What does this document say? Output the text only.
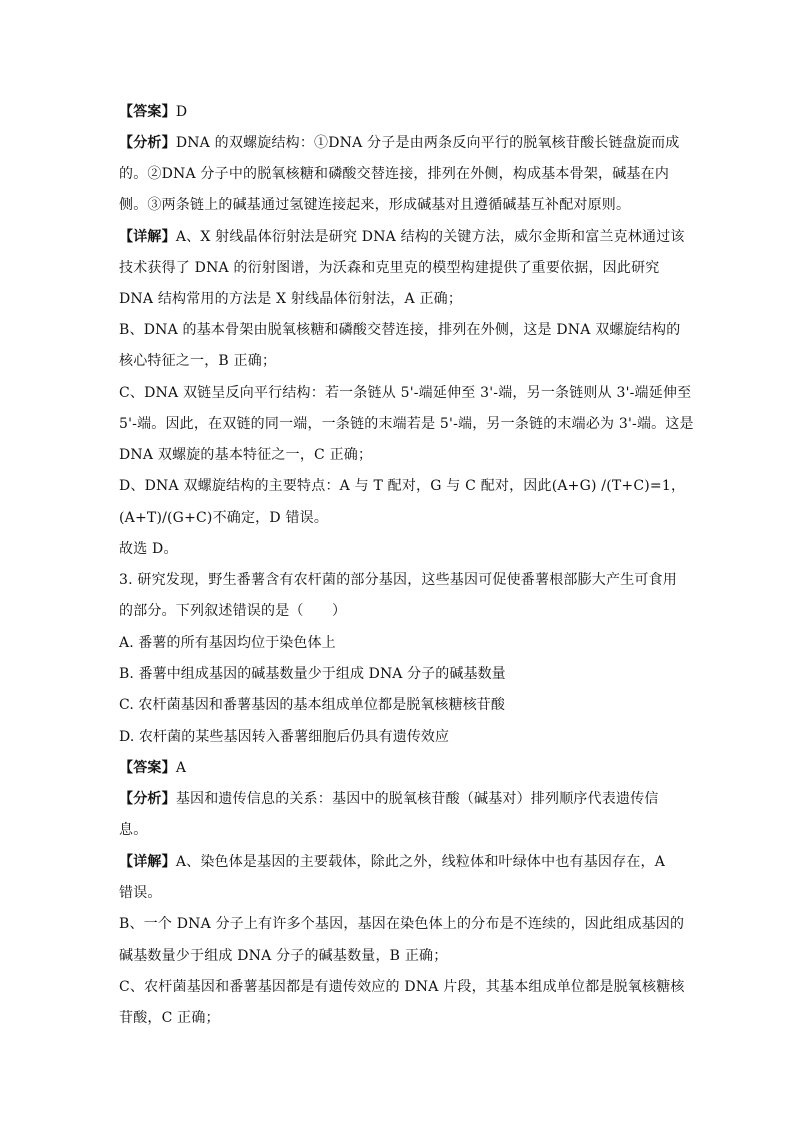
【答案】D
【分析】DNA 的双螺旋结构：①DNA 分子是由两条反向平行的脱氧核苷酸长链盘旋而成
的。②DNA 分子中的脱氧核糖和磷酸交替连接，排列在外侧，构成基本骨架，碱基在内
侧。③两条链上的碱基通过氢键连接起来，形成碱基对且遵循碱基互补配对原则。
【详解】A、X 射线晶体衍射法是研究 DNA 结构的关键方法，威尔金斯和富兰克林通过该
技术获得了 DNA 的衍射图谱，为沃森和克里克的模型构建提供了重要依据，因此研究
DNA 结构常用的方法是 X 射线晶体衍射法，A 正确；
B、DNA 的基本骨架由脱氧核糖和磷酸交替连接，排列在外侧，这是 DNA 双螺旋结构的
核心特征之一，B 正确；
C、DNA 双链呈反向平行结构：若一条链从 5'-端延伸至 3'-端，另一条链则从 3'-端延伸至
5'-端。因此，在双链的同一端，一条链的末端若是 5'-端，另一条链的末端必为 3'-端。这是
DNA 双螺旋的基本特征之一，C 正确；
D、DNA 双螺旋结构的主要特点：A 与 T 配对，G 与 C 配对，因此(A+G) /(T+C)=1，
(A+T)/(G+C)不确定，D 错误。
故选 D。
3. 研究发现，野生番薯含有农杆菌的部分基因，这些基因可促使番薯根部膨大产生可食用
的部分。下列叙述错误的是（　　）
A. 番薯的所有基因均位于染色体上
B. 番薯中组成基因的碱基数量少于组成 DNA 分子的碱基数量
C. 农杆菌基因和番薯基因的基本组成单位都是脱氧核糖核苷酸
D. 农杆菌的某些基因转入番薯细胞后仍具有遗传效应
【答案】A
【分析】基因和遗传信息的关系：基因中的脱氧核苷酸（碱基对）排列顺序代表遗传信
息。
【详解】A、染色体是基因的主要载体，除此之外，线粒体和叶绿体中也有基因存在，A
错误。
B、一个 DNA 分子上有许多个基因，基因在染色体上的分布是不连续的，因此组成基因的
碱基数量少于组成 DNA 分子的碱基数量，B 正确；
C、农杆菌基因和番薯基因都是有遗传效应的 DNA 片段，其基本组成单位都是脱氧核糖核
苷酸，C 正确；
